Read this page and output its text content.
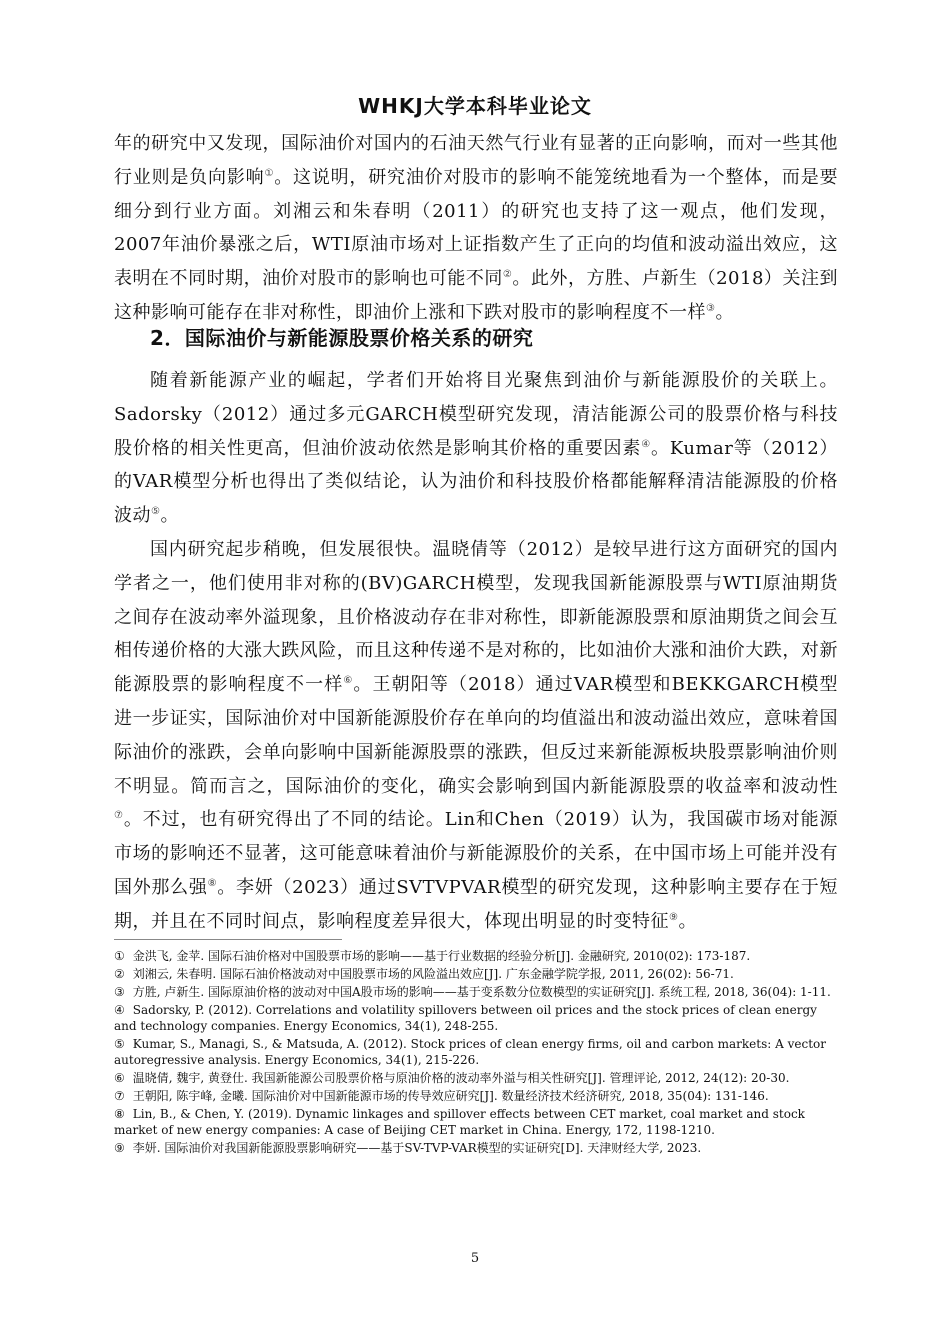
WHKJ大学本科毕业论文

年的研究中又发现，国际油价对国内的石油天然气行业有显著的正向影响，而对一些其他行业则是负向影响①。这说明，研究油价对股市的影响不能笼统地看为一个整体，而是要细分到行业方面。刘湘云和朱春明（2011）的研究也支持了这一观点，他们发现，2007年油价暴涨之后，WTI原油市场对上证指数产生了正向的均值和波动溢出效应，这表明在不同时期，油价对股市的影响也可能不同②。此外，方胜、卢新生（2018）关注到这种影响可能存在非对称性，即油价上涨和下跌对股市的影响程度不一样③。

2．国际油价与新能源股票价格关系的研究

随着新能源产业的崛起，学者们开始将目光聚焦到油价与新能源股价的关联上。Sadorsky（2012）通过多元GARCH模型研究发现，清洁能源公司的股票价格与科技股价格的相关性更高，但油价波动依然是影响其价格的重要因素④。Kumar等（2012）的VAR模型分析也得出了类似结论，认为油价和科技股价格都能解释清洁能源股的价格波动⑤。

国内研究起步稍晚，但发展很快。温晓倩等（2012）是较早进行这方面研究的国内学者之一，他们使用非对称的(BV)GARCH模型，发现我国新能源股票与WTI原油期货之间存在波动率外溢现象，且价格波动存在非对称性，即新能源股票和原油期货之间会互相传递价格的大涨大跌风险，而且这种传递不是对称的，比如油价大涨和油价大跌，对新能源股票的影响程度不一样⑥。王朝阳等（2018）通过VAR模型和BEKKGARCH模型进一步证实，国际油价对中国新能源股价存在单向的均值溢出和波动溢出效应，意味着国际油价的涨跌，会单向影响中国新能源股票的涨跌，但反过来新能源板块股票影响油价则不明显。简而言之，国际油价的变化，确实会影响到国内新能源股票的收益率和波动性⑦。不过，也有研究得出了不同的结论。Lin和Chen（2019）认为，我国碳市场对能源市场的影响还不显著，这可能意味着油价与新能源股价的关系，在中国市场上可能并没有国外那么强⑧。李妍（2023）通过SVTVPVAR模型的研究发现，这种影响主要存在于短期，并且在不同时间点，影响程度差异很大，体现出明显的时变特征⑨。

① 金洪飞, 金苹. 国际石油价格对中国股票市场的影响——基于行业数据的经验分析[J]. 金融研究, 2010(02): 173-187.

② 刘湘云, 朱春明. 国际石油价格波动对中国股票市场的风险溢出效应[J]. 广东金融学院学报, 2011, 26(02): 56-71.

③ 方胜, 卢新生. 国际原油价格的波动对中国A股市场的影响——基于变系数分位数模型的实证研究[J]. 系统工程, 2018, 36(04): 1-11.

④ Sadorsky, P. (2012). Correlations and volatility spillovers between oil prices and the stock prices of clean energy and technology companies. Energy Economics, 34(1), 248-255.

⑤ Kumar, S., Managi, S., & Matsuda, A. (2012). Stock prices of clean energy firms, oil and carbon markets: A vector autoregressive analysis. Energy Economics, 34(1), 215-226.

⑥ 温晓倩, 魏宇, 黄登仕. 我国新能源公司股票价格与原油价格的波动率外溢与相关性研究[J]. 管理评论, 2012, 24(12): 20-30.

⑦ 王朝阳, 陈宇峰, 金曦. 国际油价对中国新能源市场的传导效应研究[J]. 数量经济技术经济研究, 2018, 35(04): 131-146.

⑧ Lin, B., & Chen, Y. (2019). Dynamic linkages and spillover effects between CET market, coal market and stock market of new energy companies: A case of Beijing CET market in China. Energy, 172, 1198-1210.

⑨ 李妍. 国际油价对我国新能源股票影响研究——基于SV-TVP-VAR模型的实证研究[D]. 天津财经大学, 2023.

5
